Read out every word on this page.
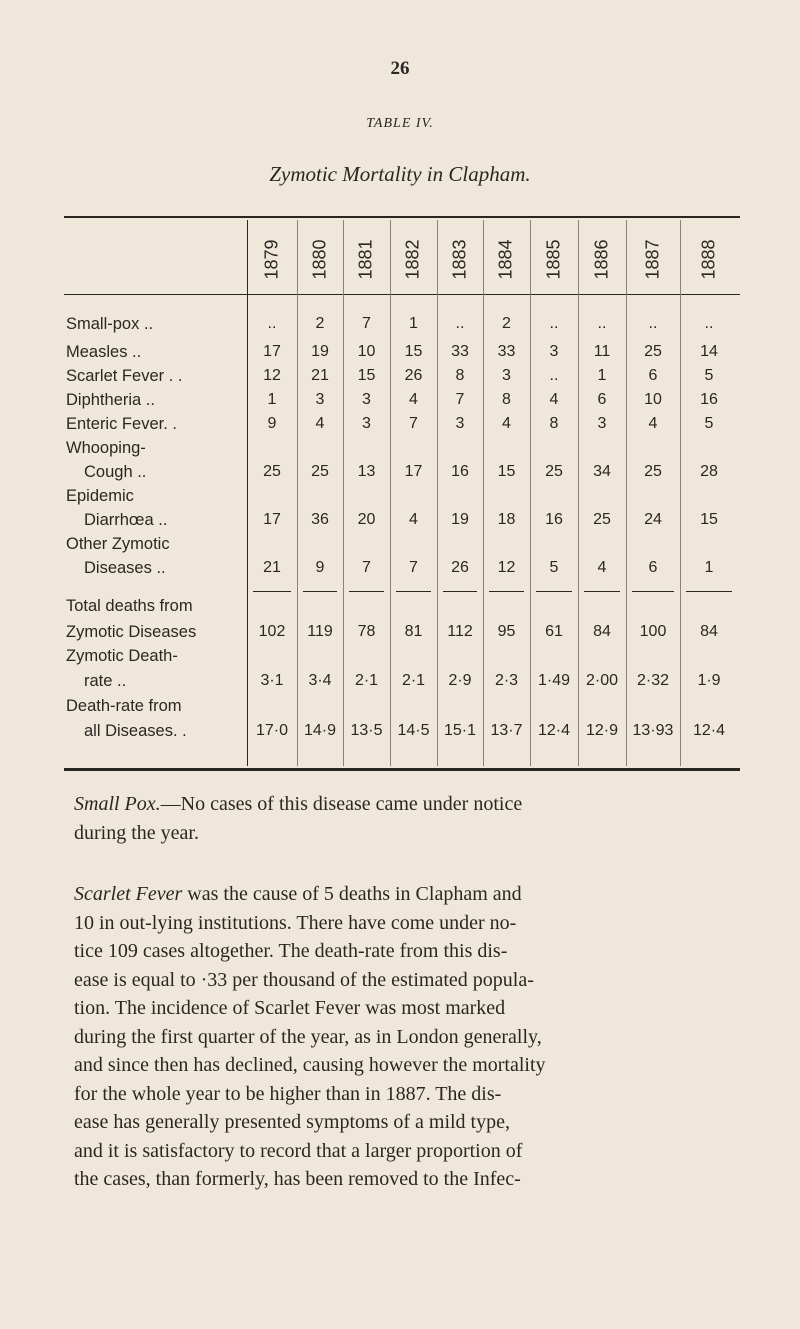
26
TABLE IV.
Zymotic Mortality in Clapham.
1879 1880 1881 1882 1883 1884 1885 1886 1887 1888
Small-pox ..	..	2	7	1	..	2	..	..	..	..
Measles ..	17	19	10	15	33	33	3	11	25	14
Scarlet Fever . .	12	21	15	26	8	3	..	1	6	5
Diphtheria ..	1	3	3	4	7	8	4	6	10	16
Enteric Fever. .	9	4	3	7	3	4	8	3	4	5
Whooping-
Cough ..	25	25	13	17	16	15	25	34	25	28
Epidemic
Diarrhœa ..	17	36	20	4	19	18	16	25	24	15
Other Zymotic
Diseases ..	21	9	7	7	26	12	5	4	6	1
Total deaths from
Zymotic Diseases	102	119	78	81	112	95	61	84	100	84
Zymotic Death-
rate ..	3·1	3·4	2·1	2·1	2·9	2·3	1·49 2·00	2·32	1·9
Death-rate from
all Diseases. .	17·0 14·9 13·5 14·5 15·1 13·7 12·4 12·9 13·93	12·4
Small Pox.—No cases of this disease came under notice
during the year.
Scarlet Fever was the cause of 5 deaths in Clapham and
10 in out-lying institutions. There have come under no-
tice 109 cases altogether. The death-rate from this dis-
ease is equal to ·33 per thousand of the estimated popula-
tion. The incidence of Scarlet Fever was most marked
during the first quarter of the year, as in London generally,
and since then has declined, causing however the mortality
for the whole year to be higher than in 1887. The dis-
ease has generally presented symptoms of a mild type,
and it is satisfactory to record that a larger proportion of
the cases, than formerly, has been removed to the Infec-
